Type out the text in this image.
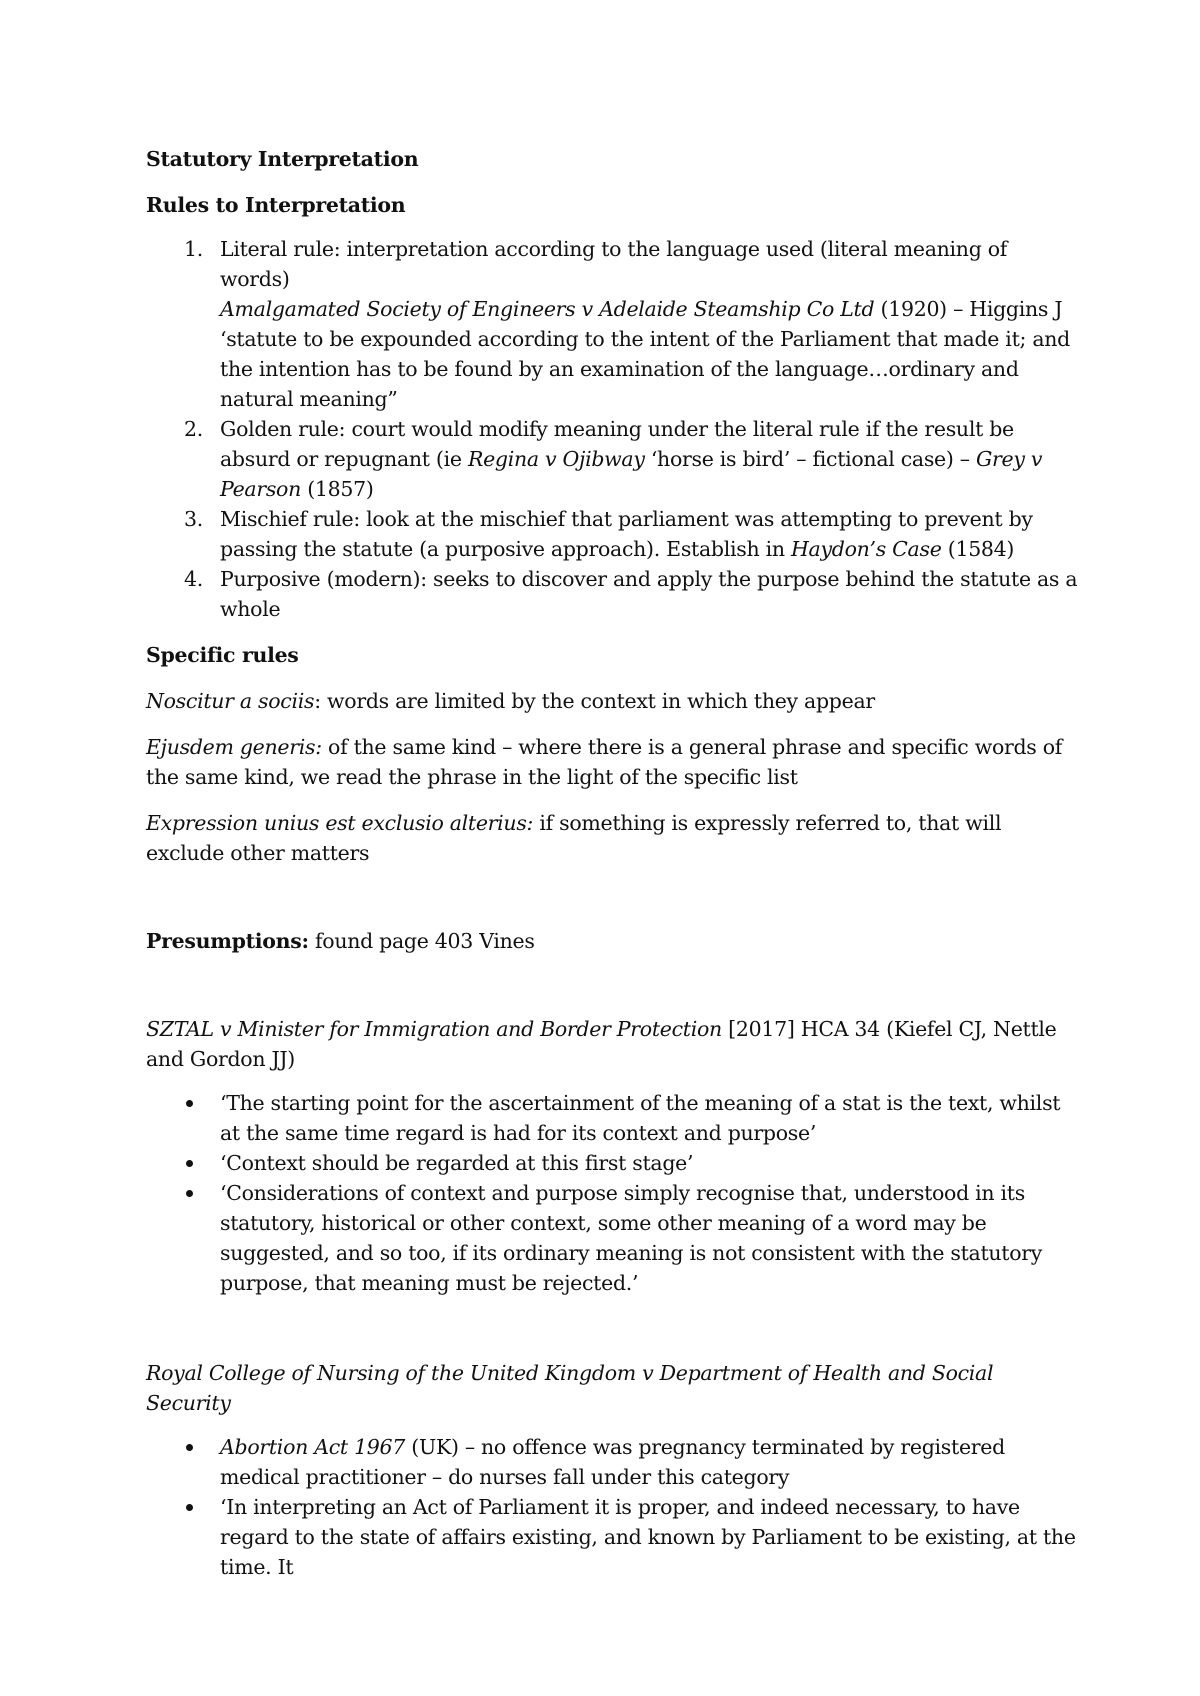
Statutory Interpretation

Rules to Interpretation

1. Literal rule: interpretation according to the language used (literal meaning of words)
Amalgamated Society of Engineers v Adelaide Steamship Co Ltd (1920) – Higgins J ‘statute to be expounded according to the intent of the Parliament that made it; and the intention has to be found by an examination of the language…ordinary and natural meaning”
2. Golden rule: court would modify meaning under the literal rule if the result be absurd or repugnant (ie Regina v Ojibway ‘horse is bird’ – fictional case) – Grey v Pearson (1857)
3. Mischief rule: look at the mischief that parliament was attempting to prevent by passing the statute (a purposive approach). Establish in Haydon’s Case (1584)
4. Purposive (modern): seeks to discover and apply the purpose behind the statute as a whole

Specific rules

Noscitur a sociis: words are limited by the context in which they appear

Ejusdem generis: of the same kind – where there is a general phrase and specific words of the same kind, we read the phrase in the light of the specific list

Expression unius est exclusio alterius: if something is expressly referred to, that will exclude other matters

Presumptions: found page 403 Vines

SZTAL v Minister for Immigration and Border Protection [2017] HCA 34 (Kiefel CJ, Nettle and Gordon JJ)

‘The starting point for the ascertainment of the meaning of a stat is the text, whilst at the same time regard is had for its context and purpose’
‘Context should be regarded at this first stage’
‘Considerations of context and purpose simply recognise that, understood in its statutory, historical or other context, some other meaning of a word may be suggested, and so too, if its ordinary meaning is not consistent with the statutory purpose, that meaning must be rejected.’

Royal College of Nursing of the United Kingdom v Department of Health and Social Security

Abortion Act 1967 (UK) – no offence was pregnancy terminated by registered medical practitioner – do nurses fall under this category
‘In interpreting an Act of Parliament it is proper, and indeed necessary, to have regard to the state of affairs existing, and known by Parliament to be existing, at the time. It
